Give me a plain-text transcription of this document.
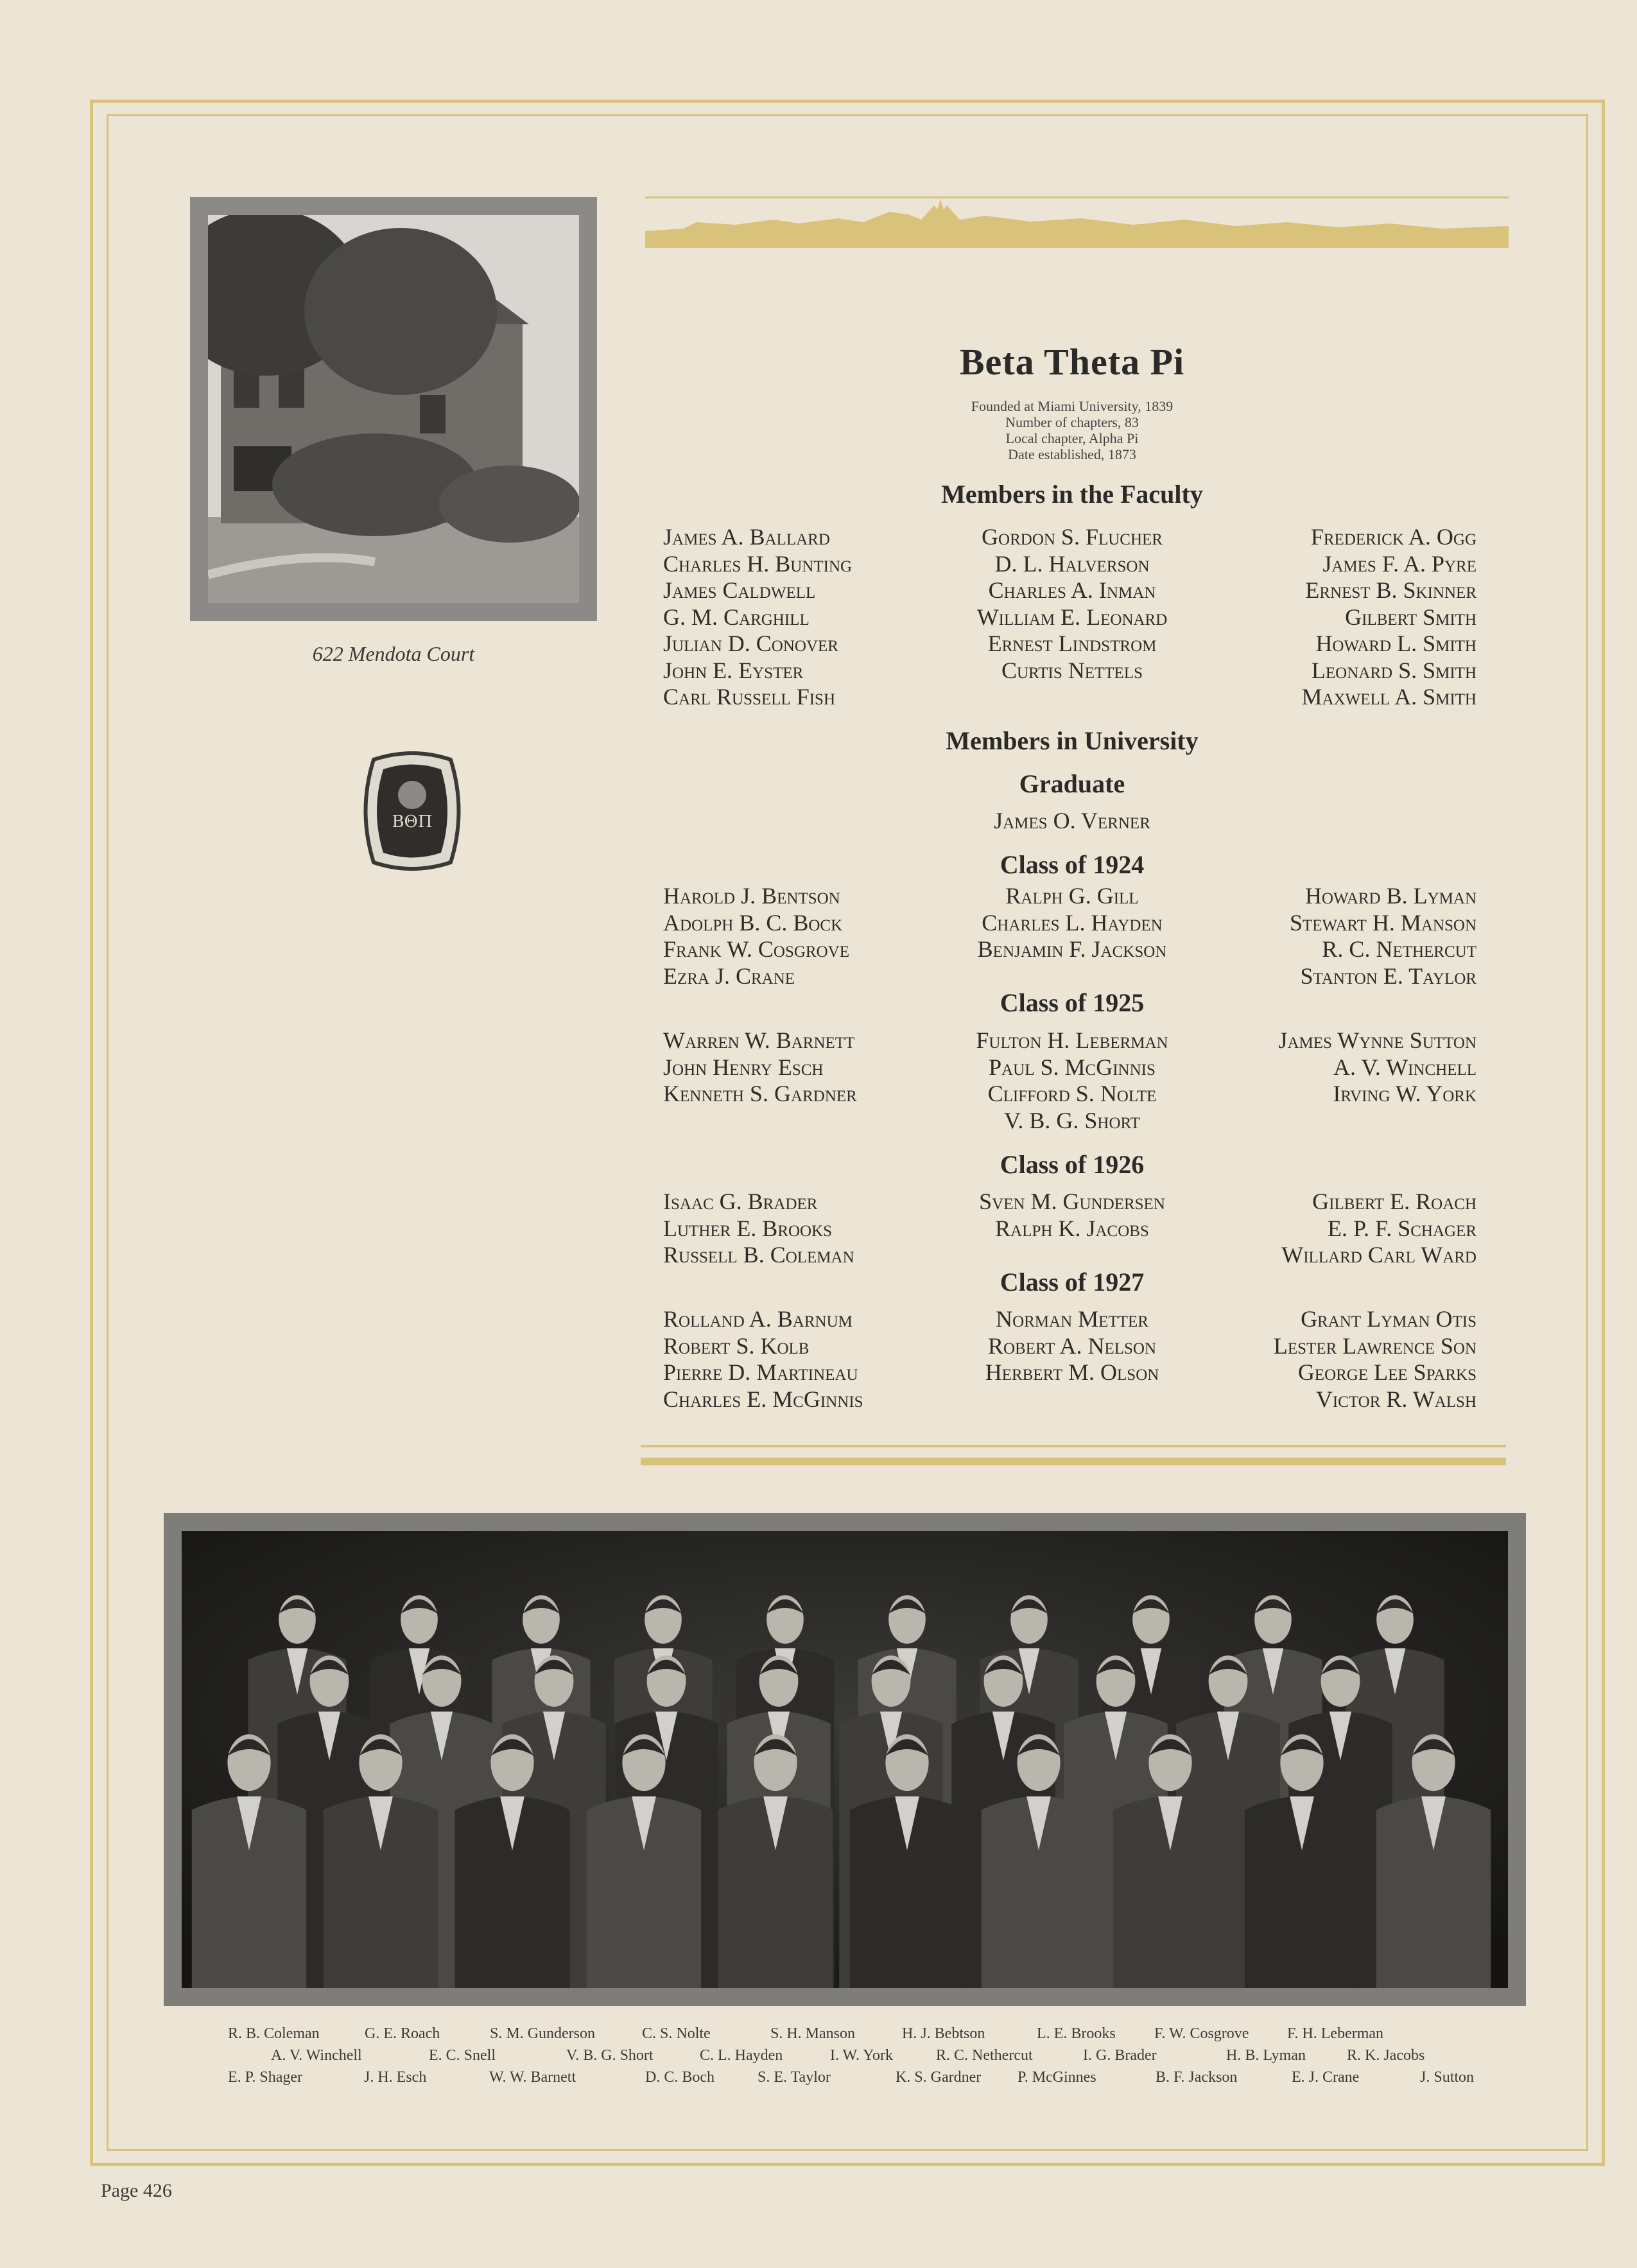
622 Mendota Court
ΒΘΠ
Beta Theta Pi
Founded at Miami University, 1839
Number of chapters, 83
Local chapter, Alpha Pi
Date established, 1873
Members in the Faculty
James A. Ballard
Charles H. Bunting
James Caldwell
G. M. Carghill
Julian D. Conover
John E. Eyster
Carl Russell Fish
Gordon S. Flucher
D. L. Halverson
Charles A. Inman
William E. Leonard
Ernest Lindstrom
Curtis Nettels
Frederick A. Ogg
James F. A. Pyre
Ernest B. Skinner
Gilbert Smith
Howard L. Smith
Leonard S. Smith
Maxwell A. Smith
Members in University
Graduate
James O. Verner
Class of 1924
Harold J. Bentson
Adolph B. C. Bock
Frank W. Cosgrove
Ezra J. Crane
Ralph G. Gill
Charles L. Hayden
Benjamin F. Jackson
Howard B. Lyman
Stewart H. Manson
R. C. Nethercut
Stanton E. Taylor
Class of 1925
Warren W. Barnett
John Henry Esch
Kenneth S. Gardner
Fulton H. Leberman
Paul S. McGinnis
Clifford S. Nolte
V. B. G. Short
James Wynne Sutton
A. V. Winchell
Irving W. York
Class of 1926
Isaac G. Brader
Luther E. Brooks
Russell B. Coleman
Sven M. Gundersen
Ralph K. Jacobs
Gilbert E. Roach
E. P. F. Schager
Willard Carl Ward
Class of 1927
Rolland A. Barnum
Robert S. Kolb
Pierre D. Martineau
Charles E. McGinnis
Norman Metter
Robert A. Nelson
Herbert M. Olson
Grant Lyman Otis
Lester Lawrence Son
George Lee Sparks
Victor R. Walsh
R. B. Coleman	G. E. Roach	S. M. Gunderson	C. S. Nolte	S. H. Manson	H. J. Bebtson	L. E. Brooks	F. W. Cosgrove F. H. Leberman
A. V. Winchell	E. C. Snell	V. B. G. Short	C. L. Hayden	I. W. York	R. C. Nethercut	I. G. Brader	H. B. Lyman	R. K. Jacobs
E. P. Shager	J. H. Esch	W. W. Barnett	D. C. Boch	S. E. Taylor	K. S. Gardner P. McGinnes	B. F. Jackson	E. J. Crane	J. Sutton
Page 426
